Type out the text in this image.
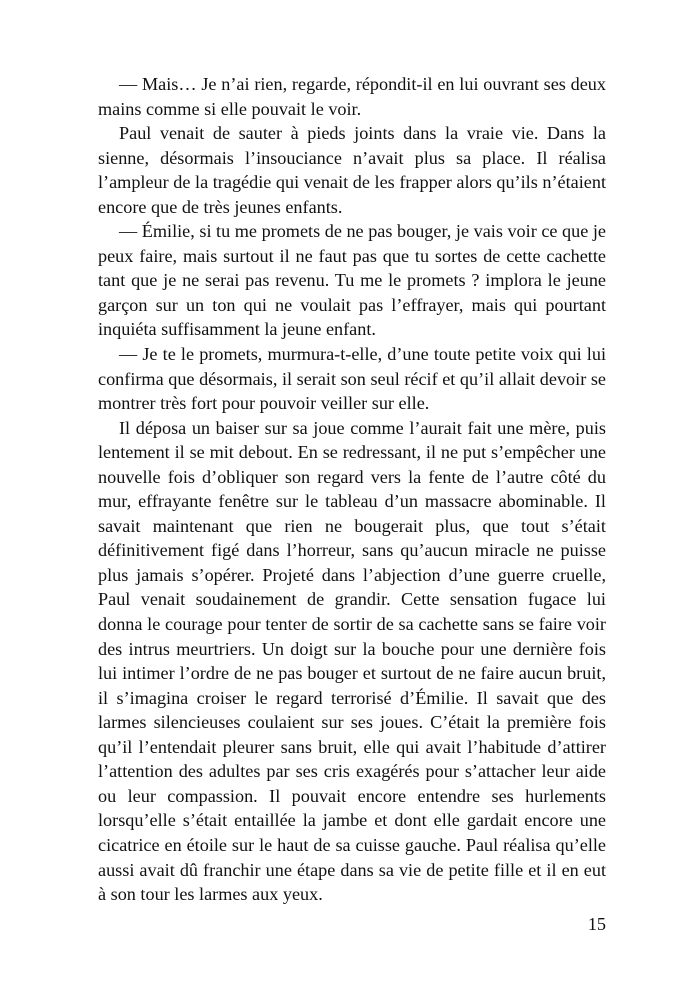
— Mais… Je n’ai rien, regarde, répondit-il en lui ouvrant ses deux mains comme si elle pouvait le voir.

Paul venait de sauter à pieds joints dans la vraie vie. Dans la sienne, désormais l’insouciance n’avait plus sa place. Il réalisa l’ampleur de la tragédie qui venait de les frapper alors qu’ils n’étaient encore que de très jeunes enfants.

— Émilie, si tu me promets de ne pas bouger, je vais voir ce que je peux faire, mais surtout il ne faut pas que tu sortes de cette cachette tant que je ne serai pas revenu. Tu me le promets ? implora le jeune garçon sur un ton qui ne voulait pas l’effrayer, mais qui pourtant inquiéta suffisamment la jeune enfant.

— Je te le promets, murmura-t-elle, d’une toute petite voix qui lui confirma que désormais, il serait son seul récif et qu’il allait devoir se montrer très fort pour pouvoir veiller sur elle.

Il déposa un baiser sur sa joue comme l’aurait fait une mère, puis lentement il se mit debout. En se redressant, il ne put s’empêcher une nouvelle fois d’obliquer son regard vers la fente de l’autre côté du mur, effrayante fenêtre sur le tableau d’un massacre abominable. Il savait maintenant que rien ne bougerait plus, que tout s’était définitivement figé dans l’horreur, sans qu’aucun miracle ne puisse plus jamais s’opérer. Projeté dans l’abjection d’une guerre cruelle, Paul venait soudainement de grandir. Cette sensation fugace lui donna le courage pour tenter de sortir de sa cachette sans se faire voir des intrus meurtriers. Un doigt sur la bouche pour une dernière fois lui intimer l’ordre de ne pas bouger et surtout de ne faire aucun bruit, il s’imagina croiser le regard terrorisé d’Émilie. Il savait que des larmes silencieuses coulaient sur ses joues. C’était la première fois qu’il l’entendait pleurer sans bruit, elle qui avait l’habitude d’attirer l’attention des adultes par ses cris exagérés pour s’attacher leur aide ou leur compassion. Il pouvait encore entendre ses hurlements lorsqu’elle s’était entaillée la jambe et dont elle gardait encore une cicatrice en étoile sur le haut de sa cuisse gauche. Paul réalisa qu’elle aussi avait dû franchir une étape dans sa vie de petite fille et il en eut à son tour les larmes aux yeux.

15
